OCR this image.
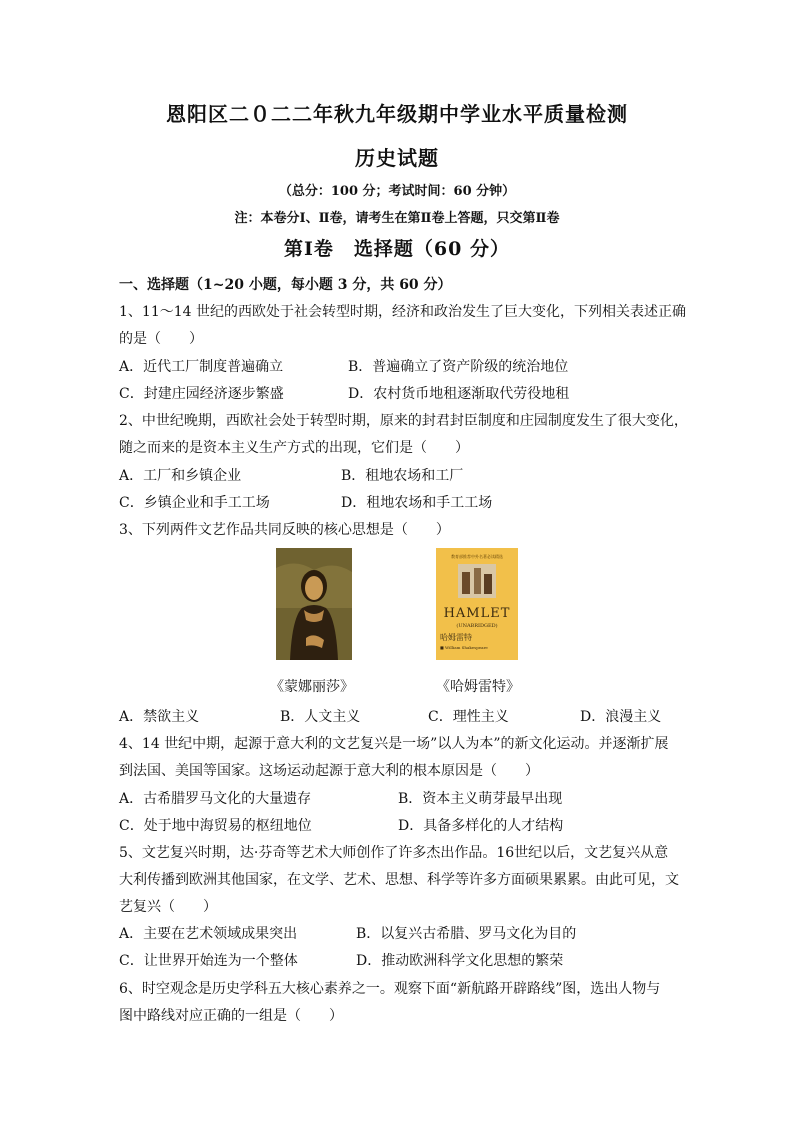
恩阳区二０二二年秋九年级期中学业水平质量检测
历史试题
（总分：100 分；考试时间：60 分钟）
注：本卷分Ⅰ、Ⅱ卷，请考生在第Ⅱ卷上答题，只交第Ⅱ卷
第Ⅰ卷　选择题（60 分）
一、选择题（1~20 小题，每小题 3 分，共 60 分）
1、11～14 世纪的西欧处于社会转型时期，经济和政治发生了巨大变化，下列相关表述正确
的是（　　）
A．近代工厂制度普遍确立	B．普遍确立了资产阶级的统治地位
C．封建庄园经济逐步繁盛	D．农村货币地租逐渐取代劳役地租
2、中世纪晚期，西欧社会处于转型时期，原来的封君封臣制度和庄园制度发生了很大变化，
随之而来的是资本主义生产方式的出现，它们是（　　）
A．工厂和乡镇企业	B．租地农场和工厂
C．乡镇企业和手工工场	D．租地农场和手工工场
3、下列两件文艺作品共同反映的核心思想是（　　）
教育部推荐中外名著必读精选
HAMLET
(UNABRIDGED)
哈姆雷特
■ William Shakespeare
《蒙娜丽莎》	《哈姆雷特》
A．禁欲主义	B．人文主义	C．理性主义	D．浪漫主义
4、14 世纪中期，起源于意大利的文艺复兴是一场”以人为本”的新文化运动。并逐渐扩展
到法国、美国等国家。这场运动起源于意大利的根本原因是（　　）
A．古希腊罗马文化的大量遗存	B．资本主义萌芽最早出现
C．处于地中海贸易的枢纽地位	D．具备多样化的人才结构
5、文艺复兴时期，达·芬奇等艺术大师创作了许多杰出作品。16世纪以后，文艺复兴从意
大利传播到欧洲其他国家，在文学、艺术、思想、科学等许多方面硕果累累。由此可见，文
艺复兴（　　）
A．主要在艺术领域成果突出	B．以复兴古希腊、罗马文化为目的
C．让世界开始连为一个整体	D．推动欧洲科学文化思想的繁荣
6、时空观念是历史学科五大核心素养之一。观察下面“新航路开辟路线”图，选出人物与
图中路线对应正确的一组是（　　）
